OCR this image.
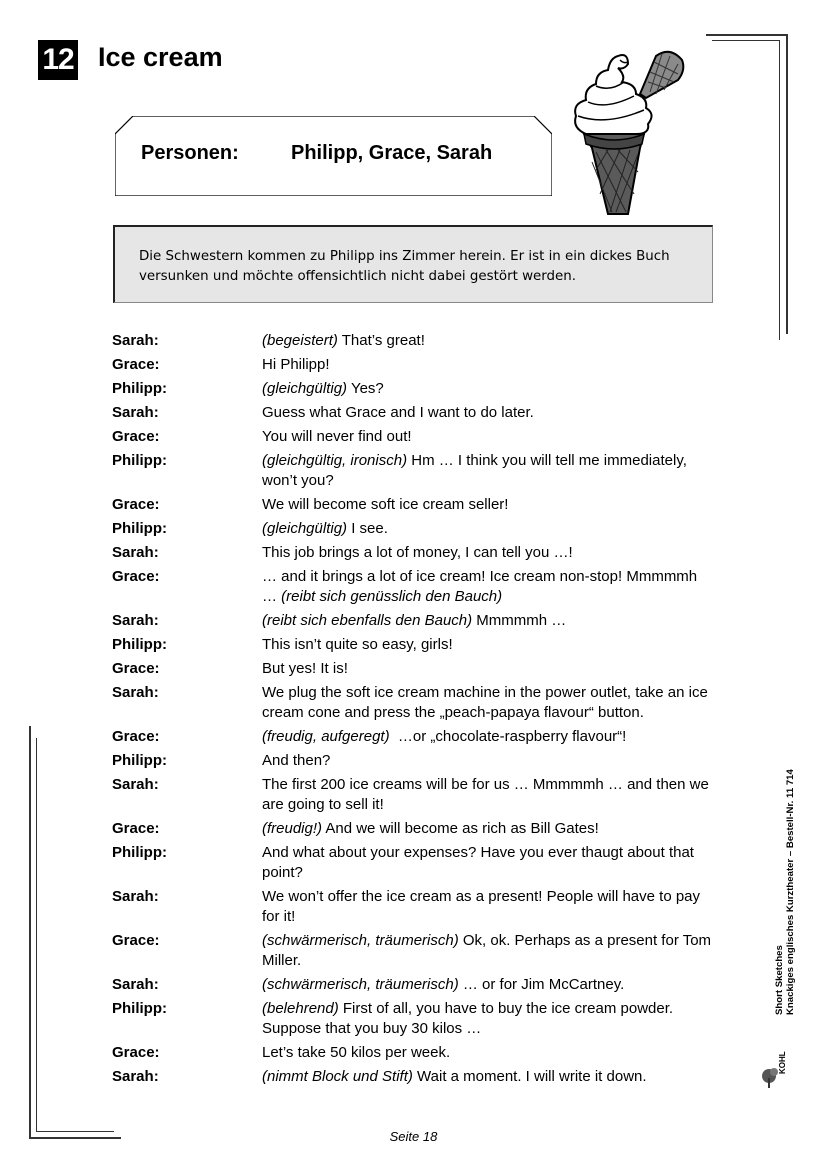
12 Ice cream
Personen:	Philipp, Grace, Sarah

Die Schwestern kommen zu Philipp ins Zimmer herein. Er ist in ein dickes Buch versunken und möchte offensichtlich nicht dabei gestört werden.

Sarah:	(begeistert) That’s great!
Grace:	Hi Philipp!
Philipp:	(gleichgültig) Yes?
Sarah:	Guess what Grace and I want to do later.
Grace:	You will never find out!
Philipp:	(gleichgültig, ironisch) Hm … I think you will tell me immediately, won’t you?
Grace:	We will become soft ice cream seller!
Philipp:	(gleichgültig) I see.
Sarah:	This job brings a lot of money, I can tell you …!
Grace:	… and it brings a lot of ice cream! Ice cream non-stop! Mmmmmh … (reibt sich genüsslich den Bauch)
Sarah:	(reibt sich ebenfalls den Bauch) Mmmmmh …
Philipp:	This isn’t quite so easy, girls!
Grace:	But yes! It is!
Sarah:	We plug the soft ice cream machine in the power outlet, take an ice cream cone and press the „peach-papaya flavour“ button.
Grace:	(freudig, aufgeregt)  …or „chocolate-raspberry flavour“!
Philipp:	And then?
Sarah:	The first 200 ice creams will be for us … Mmmmmh … and then we are going to sell it!
Grace:	(freudig!) And we will become as rich as Bill Gates!
Philipp:	And what about your expenses? Have you ever thaugt about that point?
Sarah:	We won’t offer the ice cream as a present! People will have to pay for it!
Grace:	(schwärmerisch, träumerisch) Ok, ok. Perhaps as a present for Tom Miller.
Sarah:	(schwärmerisch, träumerisch) … or for Jim McCartney.
Philipp:	(belehrend) First of all, you have to buy the ice cream powder. Suppose that you buy 30 kilos …
Grace:	Let’s take 50 kilos per week.
Sarah:	(nimmt Block und Stift) Wait a moment. I will write it down.
Seite 18
Short Sketches Knackiges englisches Kurztheater – Bestell-Nr. 11 714
KOHL
